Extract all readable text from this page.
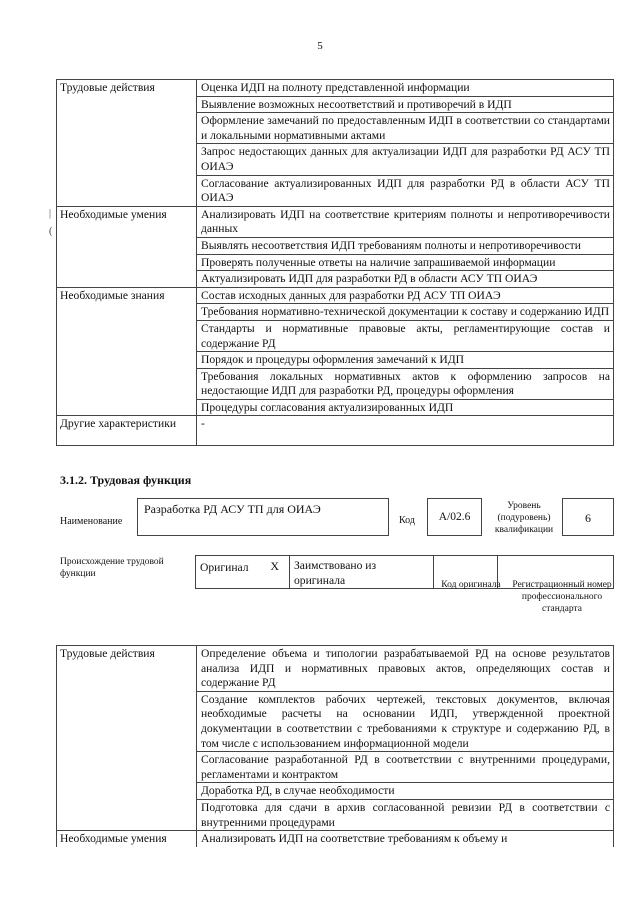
5
Трудовые действия	Оценка ИДП на полноту представленной информации
	Выявление возможных несоответствий и противоречий в ИДП
	Оформление замечаний по предоставленным ИДП в соответствии со стандартами и локальными нормативными актами
	Запрос недостающих данных для актуализации ИДП для разработки РД АСУ ТП ОИАЭ
	Согласование актуализированных ИДП для разработки РД в области АСУ ТП ОИАЭ
Необходимые умения	Анализировать ИДП на соответствие критериям полноты и непротиворечивости данных
	Выявлять несоответствия ИДП требованиям полноты и непротиворечивости
	Проверять полученные ответы на наличие запрашиваемой информации
	Актуализировать ИДП для разработки РД в области АСУ ТП ОИАЭ
Необходимые знания	Состав исходных данных для разработки РД АСУ ТП ОИАЭ
	Требования нормативно-технической документации к составу и содержанию ИДП
	Стандарты и нормативные правовые акты, регламентирующие состав и содержание РД
	Порядок и процедуры оформления замечаний к ИДП
	Требования локальных нормативных актов к оформлению запросов на недостающие ИДП для разработки РД, процедуры оформления
	Процедуры согласования актуализированных ИДП
Другие характеристики	-
|
(
3.1.2. Трудовая функция
Наименование
Разработка РД АСУ ТП для ОИАЭ
Код	A/02.6
Уровень (подуровень) квалификации
6
Происхождение трудовой функции	Оригинал	X	Заимствовано из оригинала			Код оригинала	Регистрационный номер профессионального стандарта
Трудовые действия	Определение объема и типологии разрабатываемой РД на основе результатов анализа ИДП и нормативных правовых актов, определяющих состав и содержание РД
	Создание комплектов рабочих чертежей, текстовых документов, включая необходимые расчеты на основании ИДП, утвержденной проектной документации в соответствии с требованиями к структуре и содержанию РД, в том числе с использованием информационной модели
	Согласование разработанной РД в соответствии с внутренними процедурами, регламентами и контрактом
	Доработка РД, в случае необходимости
	Подготовка для сдачи в архив согласованной ревизии РД в соответствии с внутренними процедурами
Необходимые умения	Анализировать ИДП на соответствие требованиям к объему и
